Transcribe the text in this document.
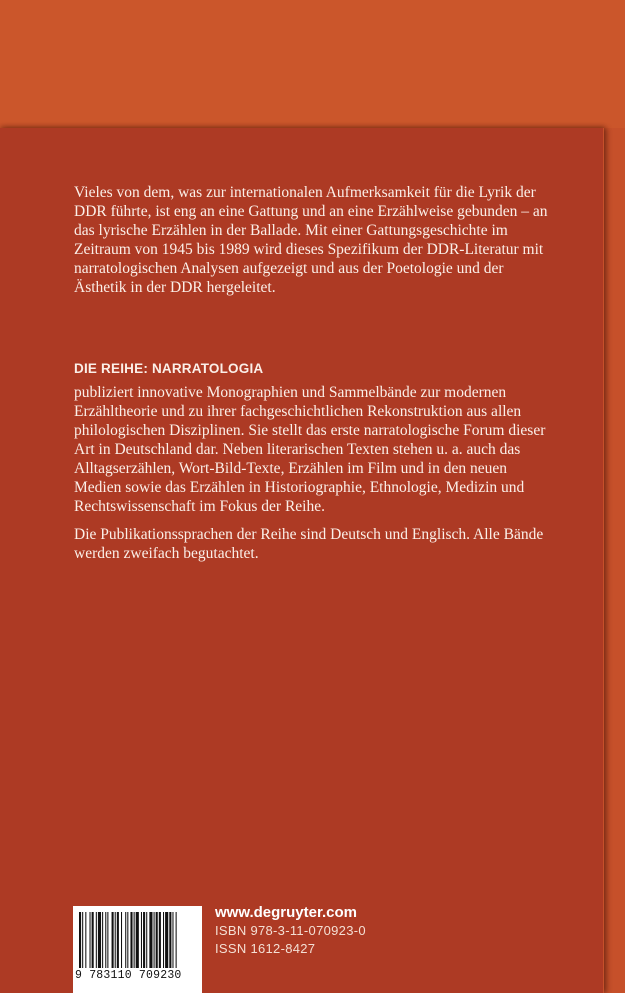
Vieles von dem, was zur internationalen Aufmerksamkeit für die Lyrik der DDR führte, ist eng an eine Gattung und an eine Erzählweise gebunden – an das lyrische Erzählen in der Ballade. Mit einer Gattungsgeschichte im Zeitraum von 1945 bis 1989 wird dieses Spezifikum der DDR-Literatur mit narratologischen Analysen aufgezeigt und aus der Poetologie und der Ästhetik in der DDR hergeleitet.

DIE REIHE: NARRATOLOGIA

publiziert innovative Monographien und Sammelbände zur modernen Erzähltheorie und zu ihrer fachgeschichtlichen Rekonstruktion aus allen philologischen Disziplinen. Sie stellt das erste narratologische Forum dieser Art in Deutschland dar. Neben literarischen Texten stehen u. a. auch das Alltagserzählen, Wort-Bild-Texte, Erzählen im Film und in den neuen Medien sowie das Erzählen in Historiographie, Ethnologie, Medizin und Rechtswissenschaft im Fokus der Reihe.

Die Publikationssprachen der Reihe sind Deutsch und Englisch. Alle Bände werden zweifach begutachtet.

9 783110 709230
www.degruyter.com
ISBN 978-3-11-070923-0
ISSN 1612-8427
